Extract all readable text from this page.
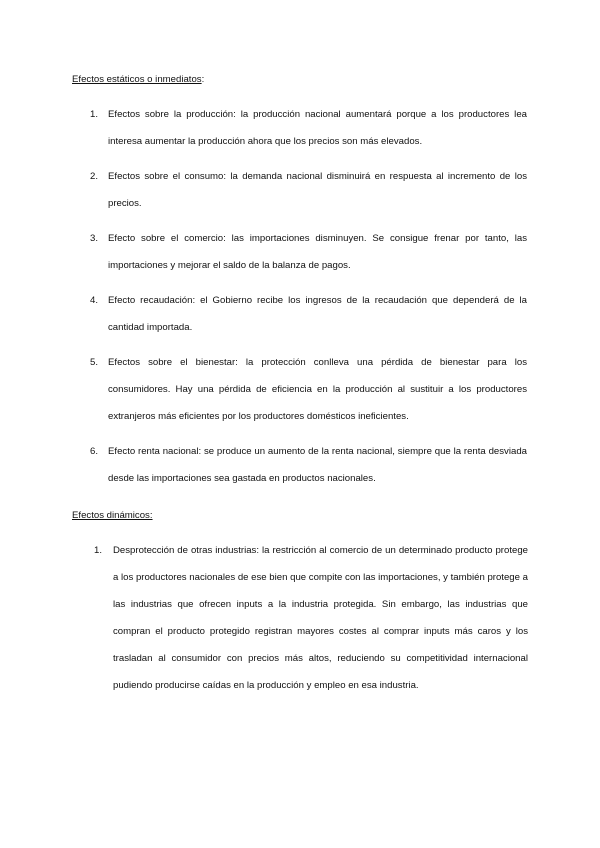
Efectos estáticos o inmediatos:
1.	Efectos sobre la producción: la producción nacional aumentará porque a los productores lea interesa aumentar la producción ahora que los precios son más elevados.
2.	Efectos sobre el consumo: la demanda nacional disminuirá en respuesta al incremento de los precios.
3.	Efecto sobre el comercio: las importaciones disminuyen. Se consigue frenar por tanto, las importaciones y mejorar el saldo de la balanza de pagos.
4.	Efecto recaudación: el Gobierno recibe los ingresos de la recaudación que dependerá de la cantidad importada.
5.	Efectos sobre el bienestar: la protección conlleva una pérdida de bienestar para los consumidores. Hay una pérdida de eficiencia en la producción al sustituir a los productores extranjeros más eficientes por los productores domésticos ineficientes.
6.	Efecto renta nacional: se produce un aumento de la renta nacional, siempre que la renta desviada desde las importaciones sea gastada en productos nacionales.
Efectos dinámicos:
1.	Desprotección de otras industrias: la restricción al comercio de un determinado producto protege a los productores nacionales de ese bien que compite con las importaciones, y también protege a las industrias que ofrecen inputs a la industria protegida. Sin embargo, las industrias que compran el producto protegido registran mayores costes al comprar inputs más caros y los trasladan al consumidor con precios más altos, reduciendo su competitividad internacional pudiendo producirse caídas en la producción y empleo en esa industria.
